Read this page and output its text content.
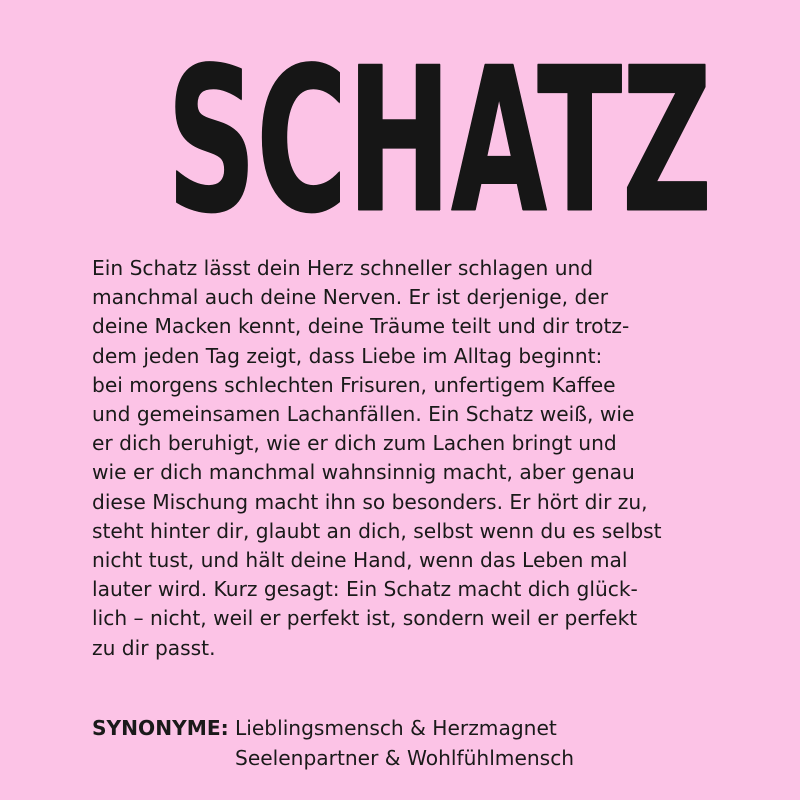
SCHATZ
Ein Schatz lässt dein Herz schneller schlagen und
manchmal auch deine Nerven. Er ist derjenige, der
deine Macken kennt, deine Träume teilt und dir trotz-
dem jeden Tag zeigt, dass Liebe im Alltag beginnt:
bei morgens schlechten Frisuren, unfertigem Kaffee
und gemeinsamen Lachanfällen. Ein Schatz weiß, wie
er dich beruhigt, wie er dich zum Lachen bringt und
wie er dich manchmal wahnsinnig macht, aber genau
diese Mischung macht ihn so besonders. Er hört dir zu,
steht hinter dir, glaubt an dich, selbst wenn du es selbst
nicht tust, und hält deine Hand, wenn das Leben mal
lauter wird. Kurz gesagt: Ein Schatz macht dich glück-
lich – nicht, weil er perfekt ist, sondern weil er perfekt
zu dir passt.
SYNONYME: Lieblingsmensch & Herzmagnet
Seelenpartner & Wohlfühlmensch
